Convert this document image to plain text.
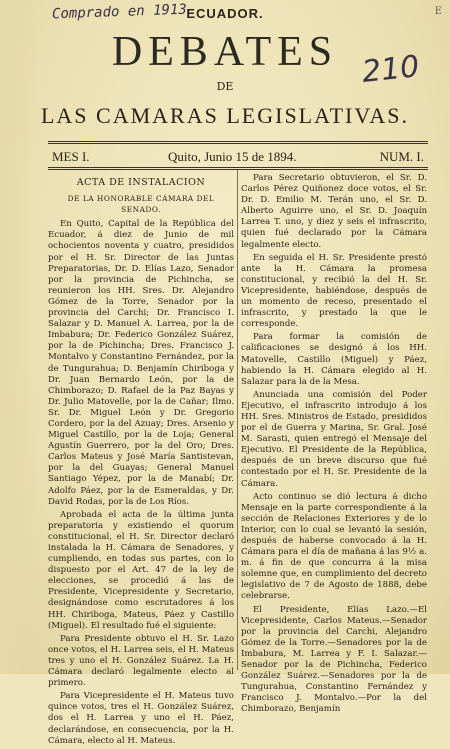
Comprado en 1913
210
E
ECUADOR.
DEBATES
DE
LAS CAMARAS LEGISLATIVAS.
MES I.	Quito, Junio 15 de 1894.	NUM. I.
ACTA DE INSTALACION
DE LA HONORABLE CÁMARA DEL SENADO.

En Quito, Capital de la República del Ecuador, á diez de Junio de mil ochocientos noventa y cuatro, presididos por el H. Sr. Director de las Juntas Preparatorias, Dr. D. Elías Lazo, Senador por la provincia de Pichincha, se reunieron los HH. Sres. Dr. Alejandro Gómez de la Torre, Senador por la provincia del Carchi; Dr. Francisco I. Salazar y D. Manuel A. Larrea, por la de Imbabura; Dr. Federico González Suárez, por la de Pichincha; Dres. Francisco J. Montalvo y Constantino Fernández, por la de Tungurahua; D. Benjamín Chiriboga y Dr. Juan Bernardo León, por la de Chimborazo; D. Rafael de la Paz Bayas y Dr. Julio Matovelle, por la de Cañar; Ilmo. Sr. Dr. Miguel León y Dr. Gregorio Cordero, por la del Azuay; Dres. Arsenio y Miguel Castillo, por la de Loja; General Agustín Guerrero, por la del Oro; Dres. Carlos Mateus y José María Santistevan, por la del Guayas; General Manuel Santiago Yépez, por la de Manabí; Dr. Adolfo Páez, por la de Esmeraldas, y Dr. David Rodas, por la de Los Ríos.

Aprobada el acta de la última junta preparatoria y existiendo el quorum constitucional, el H. Sr. Director declaró instalada la H. Cámara de Senadores, y cumpliendo, en todas sus partes, con lo dispuesto por el Art. 47 de la ley de elecciones, se procedió á las de Presidente, Vicepresidente y Secretario, designándose como escrutadores á los HH. Chiriboga, Mateus, Páez y Castillo (Miguel). El resultado fué el siguiente:

Para Presidente obtuvo el H. Sr. Lazo once votos, el H. Larrea seis, el H. Mateus tres y uno el H. González Suárez. La H. Cámara declaró legalmente electo al primero.

Para Vicepresidente el H. Mateus tuvo quince votos, tres el H. González Suárez, dos el H. Larrea y uno el H. Páez, declarándose, en consecuencia, por la H. Cámara, electo al H. Mateus.

Para Secretario obtuvieron, el Sr. D. Carlos Pérez Quiñonez doce votos, el Sr. Dr. D. Emilio M. Terán uno, el Sr. D. Alberto Aguirre uno, el Sr. D. Joaquín Larrea T. uno, y diez y seis el infrascrito, quien fué declarado por la Cámara legalmente electo.

En seguida el H. Sr. Presidente prestó ante la H. Cámara la promesa constitucional, y recibió la del H. Sr. Vicepresidente, habiéndose, después de un momento de receso, presentado el infrascrito, y prestado la que le corresponde.

Para formar la comisión de calificaciones se designó á los HH. Matovelle, Castillo (Miguel) y Páez, habiendo la H. Cámara elegido al H. Salazar para la de la Mesa.

Anunciada una comisión del Poder Ejecutivo, el infrascrito introdujo á los HH. Sres. Ministros de Estado, presididos por el de Guerra y Marina, Sr. Gral. José M. Sarasti, quien entregó el Mensaje del Ejecutivo. El Presidente de la República, después de un breve discurso que fué contestado por el H. Sr. Presidente de la Cámara.

Acto continuo se dió lectura á dicho Mensaje en la parte correspondiente á la sección de Relaciones Exteriores y de lo Interior, con lo cual se levantó la sesión, después de haberse convocado á la H. Cámara para el día de mañana á las 9½ a. m. á fin de que concurra á la misa solemne que, en cumplimiento del decreto legislativo de 7 de Agosto de 1888, debe celebrarse.

El Presidente, Elías Lazo.—El Vicepresidente, Carlos Mateus.—Senador por la provincia del Carchi, Alejandro Gómez de la Torre.—Senadores por la de Imbabura, M. Larrea y F. I. Salazar.—Senador por la de Pichincha, Federico González Suárez.—Senadores por la de Tungurahua, Constantino Fernández y Francisco J. Montalvo.—Por la del Chimborazo, Benjamín
